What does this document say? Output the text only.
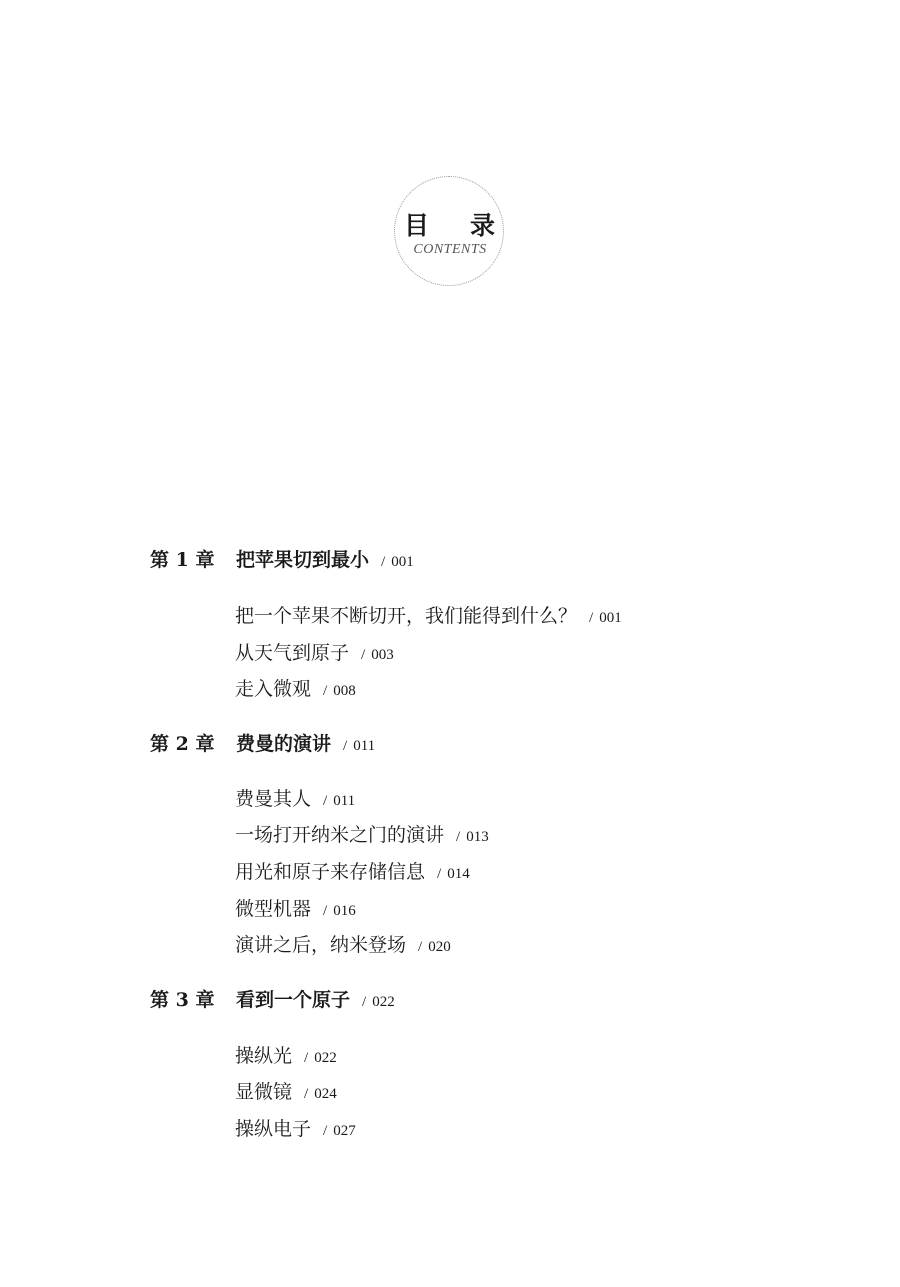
目 录
CONTENTS
第 1 章 把苹果切到最小 / 001
把一个苹果不断切开，我们能得到什么？ / 001
从天气到原子 / 003
走入微观 / 008
第 2 章 费曼的演讲 / 011
费曼其人 / 011
一场打开纳米之门的演讲 / 013
用光和原子来存储信息 / 014
微型机器 / 016
演讲之后，纳米登场 / 020
第 3 章 看到一个原子 / 022
操纵光 / 022
显微镜 / 024
操纵电子 / 027
